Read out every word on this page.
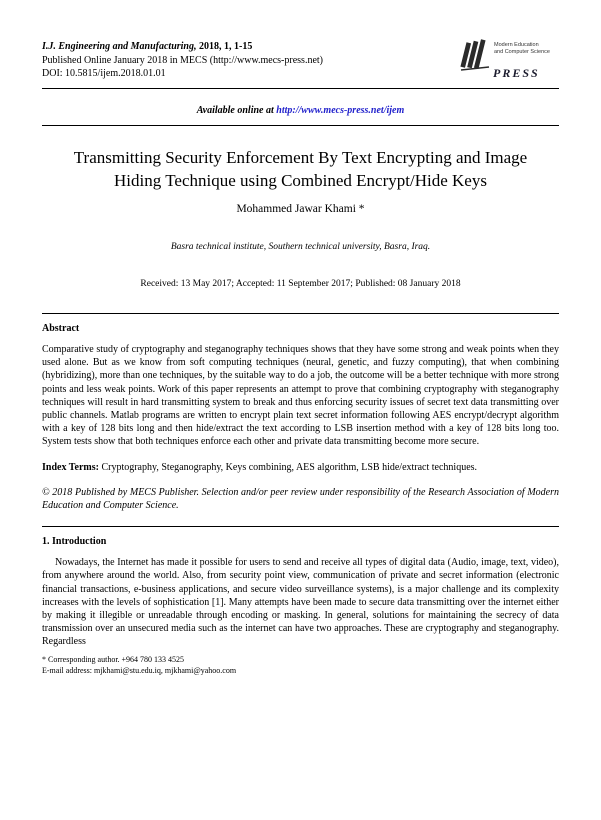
I.J. Engineering and Manufacturing, 2018, 1, 1-15
Published Online January 2018 in MECS (http://www.mecs-press.net)
DOI: 10.5815/ijem.2018.01.01
Modern Education
and Computer Science
PRESS
Available online at http://www.mecs-press.net/ijem
Transmitting Security Enforcement By Text Encrypting and Image Hiding Technique using Combined Encrypt/Hide Keys
Mohammed Jawar Khami *
Basra technical institute, Southern technical university, Basra, Iraq.
Received: 13 May 2017; Accepted: 11 September 2017; Published: 08 January 2018
Abstract

Comparative study of cryptography and steganography techniques shows that they have some strong and weak points when they used alone. But as we know from soft computing techniques (neural, genetic, and fuzzy computing), that when combining (hybridizing), more than one techniques, by the suitable way to do a job, the outcome will be a better technique with more strong points and less weak points. Work of this paper represents an attempt to prove that combining cryptography with steganography techniques will result in hard transmitting system to break and thus enforcing security issues of secret text data transmitting over public channels. Matlab programs are written to encrypt plain text secret information following AES encrypt/decrypt algorithm with a key of 128 bits long and then hide/extract the text according to LSB insertion method with a key of 128 bits long too. System tests show that both techniques enforce each other and private data transmitting become more secure.

Index Terms: Cryptography, Steganography, Keys combining, AES algorithm, LSB hide/extract techniques.

© 2018 Published by MECS Publisher. Selection and/or peer review under responsibility of the Research Association of Modern Education and Computer Science.

1. Introduction

Nowadays, the Internet has made it possible for users to send and receive all types of digital data (Audio, image, text, video), from anywhere around the world. Also, from security point view, communication of private and secret information (electronic financial transactions, e-business applications, and secure video surveillance systems), is a major challenge and its complexity increases with the levels of sophistication [1]. Many attempts have been made to secure data transmitting over the internet either by making it illegible or unreadable through encoding or masking. In general, solutions for maintaining the secrecy of data transmission over an unsecured media such as the internet can have two approaches. These are cryptography and steganography. Regardless

* Corresponding author. +964 780 133 4525
E-mail address: mjkhami@stu.edu.iq, mjkhami@yahoo.com
